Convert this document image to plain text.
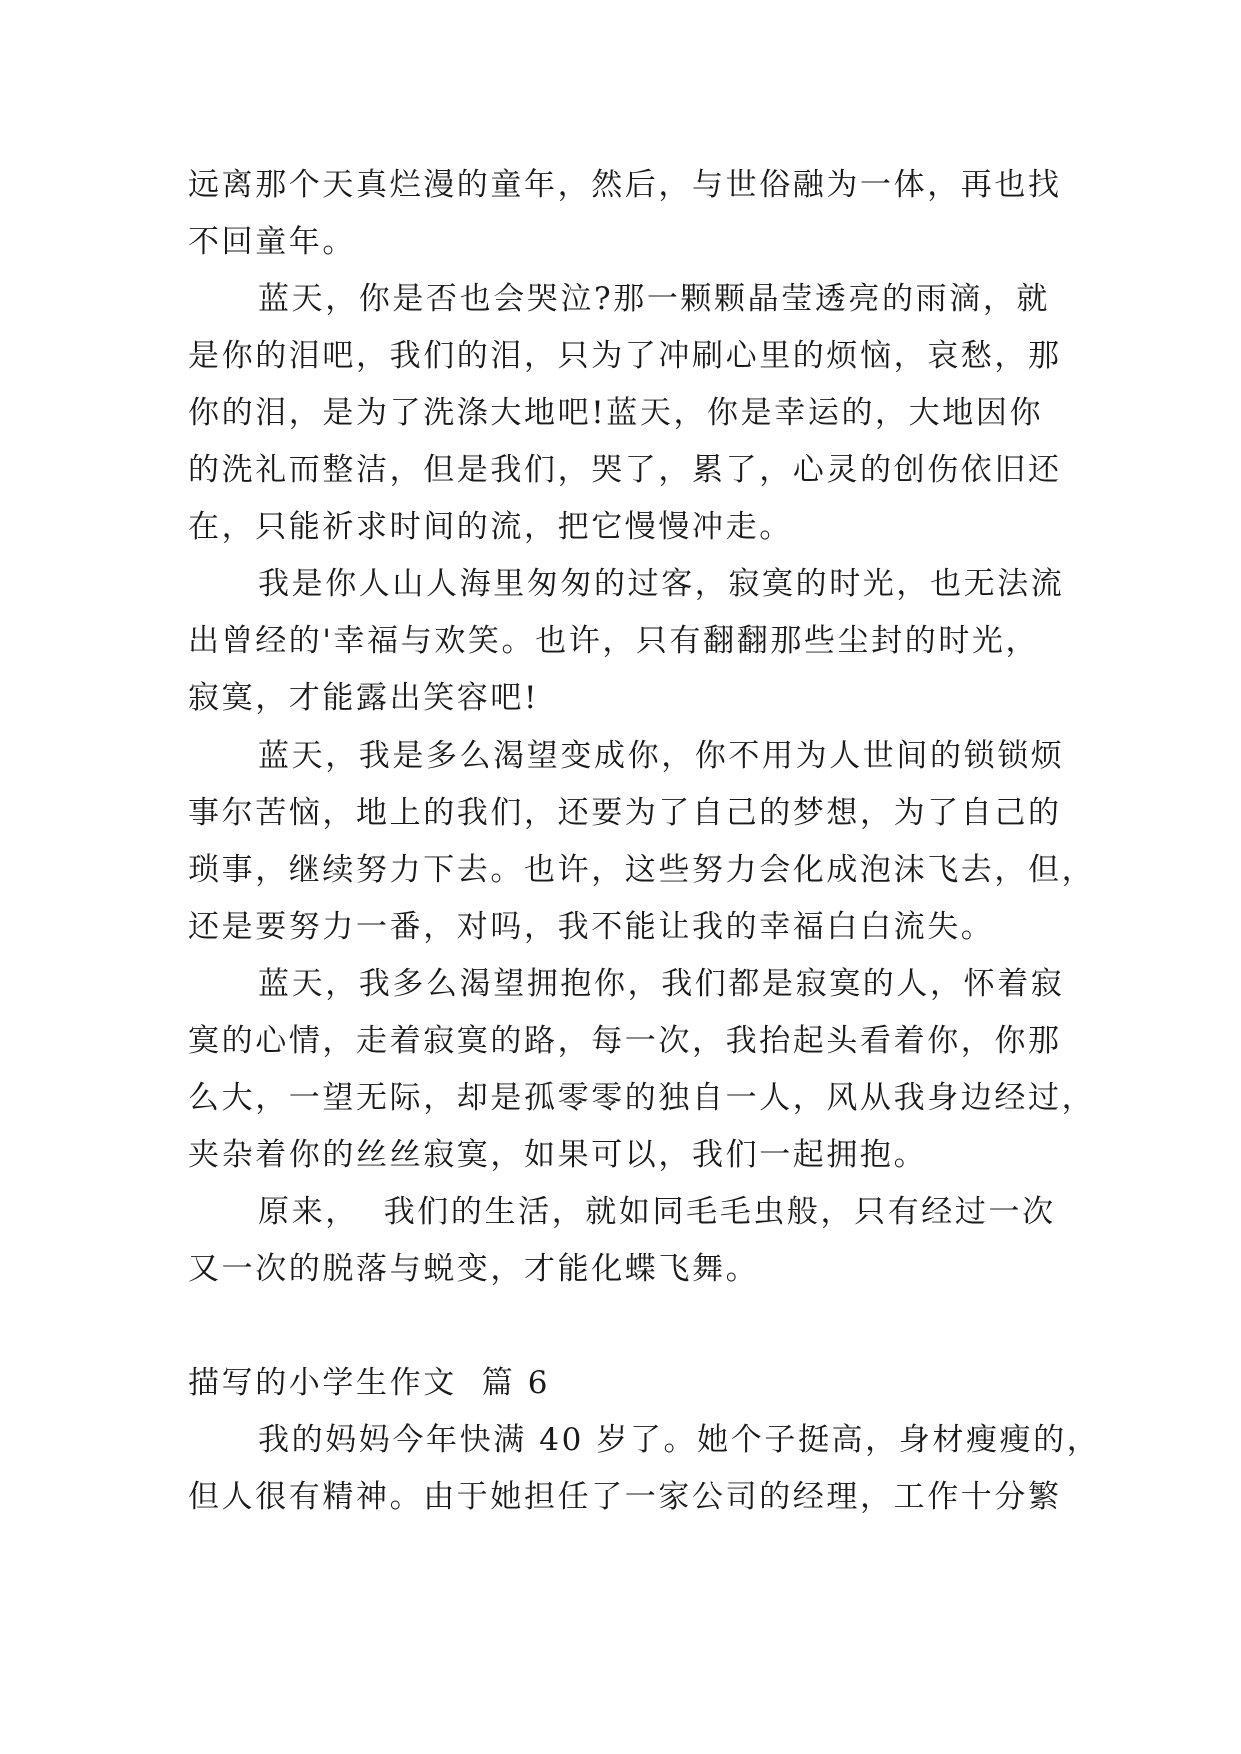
远离那个天真烂漫的童年，然后，与世俗融为一体，再也找
不回童年。
蓝天，你是否也会哭泣?那一颗颗晶莹透亮的雨滴，就
是你的泪吧，我们的泪，只为了冲刷心里的烦恼，哀愁，那
你的泪，是为了洗涤大地吧!蓝天，你是幸运的，大地因你
的洗礼而整洁，但是我们，哭了，累了，心灵的创伤依旧还
在，只能祈求时间的流，把它慢慢冲走。
我是你人山人海里匆匆的过客，寂寞的时光，也无法流
出曾经的'幸福与欢笑。也许，只有翻翻那些尘封的时光，
寂寞，才能露出笑容吧!
蓝天，我是多么渴望变成你，你不用为人世间的锁锁烦
事尔苦恼，地上的我们，还要为了自己的梦想，为了自己的
琐事，继续努力下去。也许，这些努力会化成泡沫飞去，但，
还是要努力一番，对吗，我不能让我的幸福白白流失。
蓝天，我多么渴望拥抱你，我们都是寂寞的人，怀着寂
寞的心情，走着寂寞的路，每一次，我抬起头看着你，你那
么大，一望无际，却是孤零零的独自一人，风从我身边经过，
夹杂着你的丝丝寂寞，如果可以，我们一起拥抱。
原来，  我们的生活，就如同毛毛虫般，只有经过一次
又一次的脱落与蜕变，才能化蝶飞舞。
描写的小学生作文  篇 6
我的妈妈今年快满 40 岁了。她个子挺高，身材瘦瘦的，
但人很有精神。由于她担任了一家公司的经理，工作十分繁
